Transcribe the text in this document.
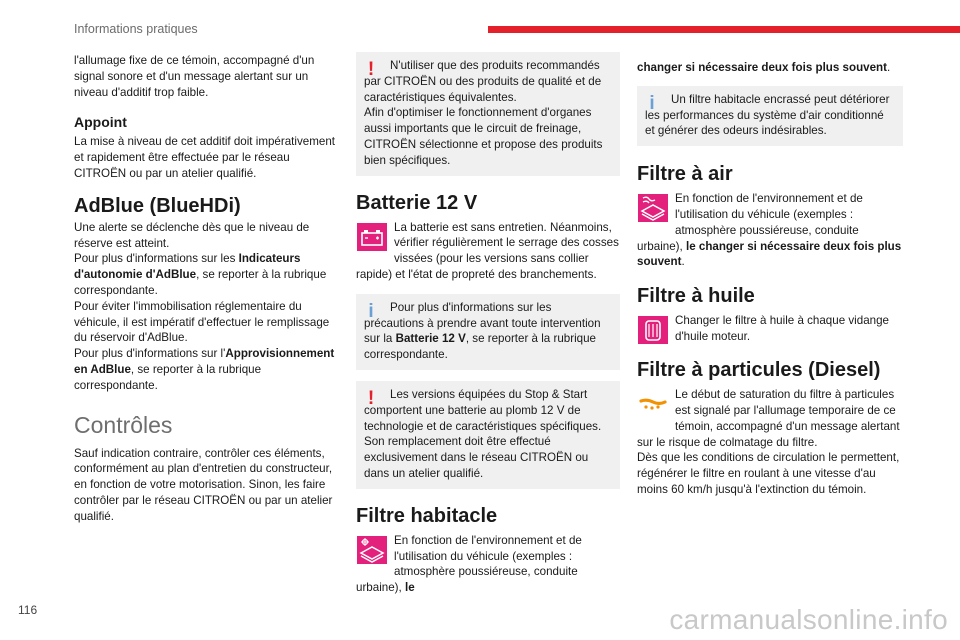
Informations pratiques

l'allumage fixe de ce témoin, accompagné d'un signal sonore et d'un message alertant sur un niveau d'additif trop faible.

Appoint

La mise à niveau de cet additif doit impérativement et rapidement être effectuée par le réseau CITROËN ou par un atelier qualifié.

AdBlue (BlueHDi)

Une alerte se déclenche dès que le niveau de réserve est atteint.

Pour plus d'informations sur les Indicateurs d'autonomie d'AdBlue, se reporter à la rubrique correspondante.

Pour éviter l'immobilisation réglementaire du véhicule, il est impératif d'effectuer le remplissage du réservoir d'AdBlue.

Pour plus d'informations sur l'Approvisionnement en AdBlue, se reporter à la rubrique correspondante.

Contrôles

Sauf indication contraire, contrôler ces éléments, conformément au plan d'entretien du constructeur, en fonction de votre motorisation. Sinon, les faire contrôler par le réseau CITROËN ou par un atelier qualifié.

!	N'utiliser que des produits recommandés par CITROËN ou des produits de qualité et de caractéristiques équivalentes.

Afin d'optimiser le fonctionnement d'organes aussi importants que le circuit de freinage, CITROËN sélectionne et propose des produits bien spécifiques.

Batterie 12 V

La batterie est sans entretien. Néanmoins, vérifier régulièrement le serrage des cosses vissées (pour les versions sans collier rapide) et l'état de propreté des branchements.

i	Pour plus d'informations sur les précautions à prendre avant toute intervention sur la Batterie 12 V, se reporter à la rubrique correspondante.

!	Les versions équipées du Stop & Start comportent une batterie au plomb 12 V de technologie et de caractéristiques spécifiques.

Son remplacement doit être effectué exclusivement dans le réseau CITROËN ou dans un atelier qualifié.

Filtre habitacle

En fonction de l'environnement et de l'utilisation du véhicule (exemples : atmosphère poussiéreuse, conduite urbaine), le

changer si nécessaire deux fois plus souvent.

i	Un filtre habitacle encrassé peut détériorer les performances du système d'air conditionné et générer des odeurs indésirables.

Filtre à air

En fonction de l'environnement et de l'utilisation du véhicule (exemples : atmosphère poussiéreuse, conduite urbaine), le changer si nécessaire deux fois plus souvent.

Filtre à huile

Changer le filtre à huile à chaque vidange d'huile moteur.

Filtre à particules (Diesel)

Le début de saturation du filtre à particules est signalé par l'allumage temporaire de ce témoin, accompagné d'un message alertant sur le risque de colmatage du filtre.

Dès que les conditions de circulation le permettent, régénérer le filtre en roulant à une vitesse d'au moins 60 km/h jusqu'à l'extinction du témoin.

116	carmanualsonline.info
